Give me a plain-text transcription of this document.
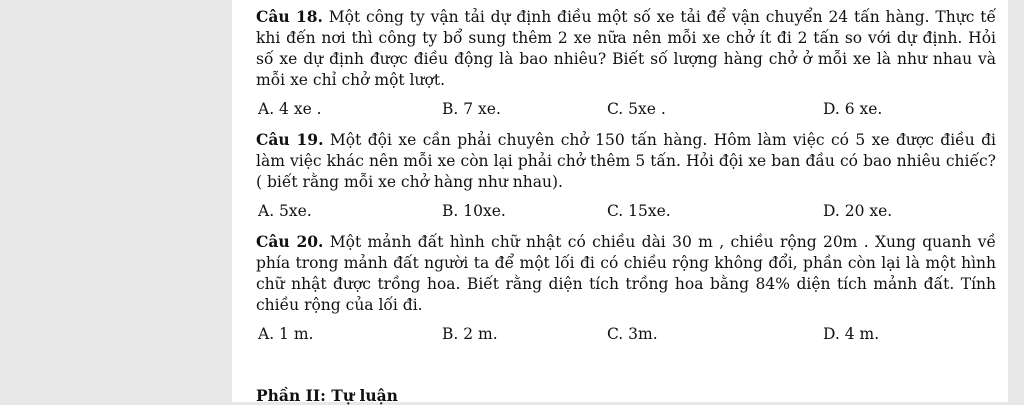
Câu 18. Một công ty vận tải dự định điều một số xe tải để vận chuyển 24 tấn hàng. Thực tế khi đến nơi thì công ty bổ sung thêm 2 xe nữa nên mỗi xe chở ít đi 2 tấn so với dự định. Hỏi số xe dự định được điều động là bao nhiêu? Biết số lượng hàng chở ở mỗi xe là như nhau và mỗi xe chỉ chở một lượt.

A. 4 xe .	B. 7 xe.	C. 5xe .	D. 6 xe.

Câu 19. Một đội xe cần phải chuyên chở 150 tấn hàng. Hôm làm việc có 5 xe được điều đi làm việc khác nên mỗi xe còn lại phải chở thêm 5 tấn. Hỏi đội xe ban đầu có bao nhiêu chiếc? ( biết rằng mỗi xe chở hàng như nhau).

A. 5xe.	B. 10xe.	C. 15xe.	D. 20 xe.

Câu 20. Một mảnh đất hình chữ nhật có chiều dài 30 m , chiều rộng 20m . Xung quanh về phía trong mảnh đất người ta để một lối đi có chiều rộng không đổi, phần còn lại là một hình chữ nhật được trồng hoa. Biết rằng diện tích trồng hoa bằng 84% diện tích mảnh đất. Tính chiều rộng của lối đi.

A. 1 m.	B. 2 m.	C. 3m.	D. 4 m.
Phần II: Tự luận
